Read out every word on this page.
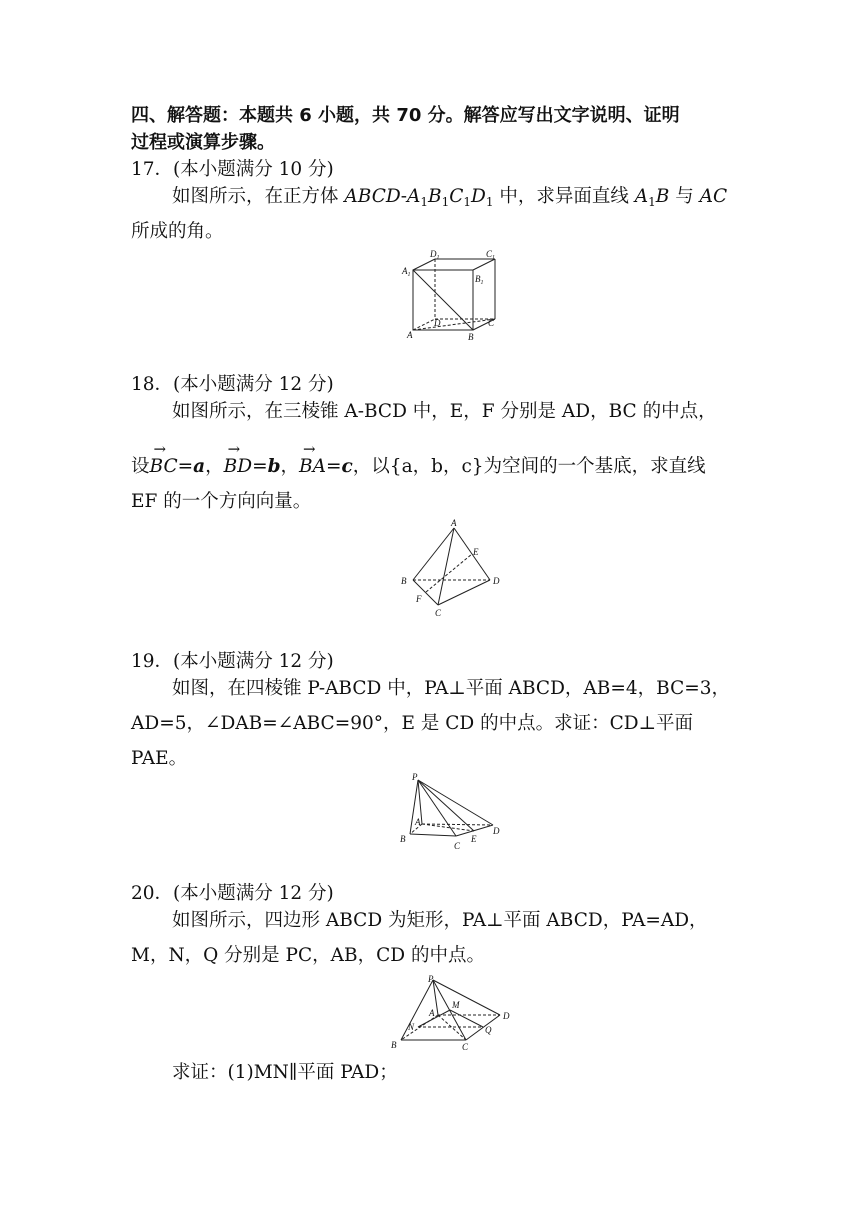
四、解答题：本题共 6 小题，共 70 分。解答应写出文字说明、证明
过程或演算步骤。
17．(本小题满分 10 分)
如图所示，在正方体 ABCD-$A_1B_1C_1D_1$ 中，求异面直线 $A_1B$ 与 AC
所成的角。
$D_1$	$C_1$
$A_1$	$B_1$
D	C
A	B
18．(本小题满分 12 分)
如图所示，在三棱锥 A-BCD 中，E，F 分别是 AD，BC 的中点，
设→ BC=a，→ BD=b，→ BA=c，以{a，b，c}为空间的一个基底，求直线
EF 的一个方向向量。
A
E
B	D
F
C
19．(本小题满分 12 分)
如图，在四棱锥 P-ABCD 中，PA⊥平面 ABCD，AB=4，BC=3，
AD=5，∠DAB=∠ABC=90°，E 是 CD 的中点。求证：CD⊥平面
PAE。
P
A
B
C
E
D
20．(本小题满分 12 分)
如图所示，四边形 ABCD 为矩形，PA⊥平面 ABCD，PA=AD，
M，N，Q 分别是 PC，AB，CD 的中点。
P
M
A	D
N	Q
B	C
求证：(1)MN∥平面 PAD；
